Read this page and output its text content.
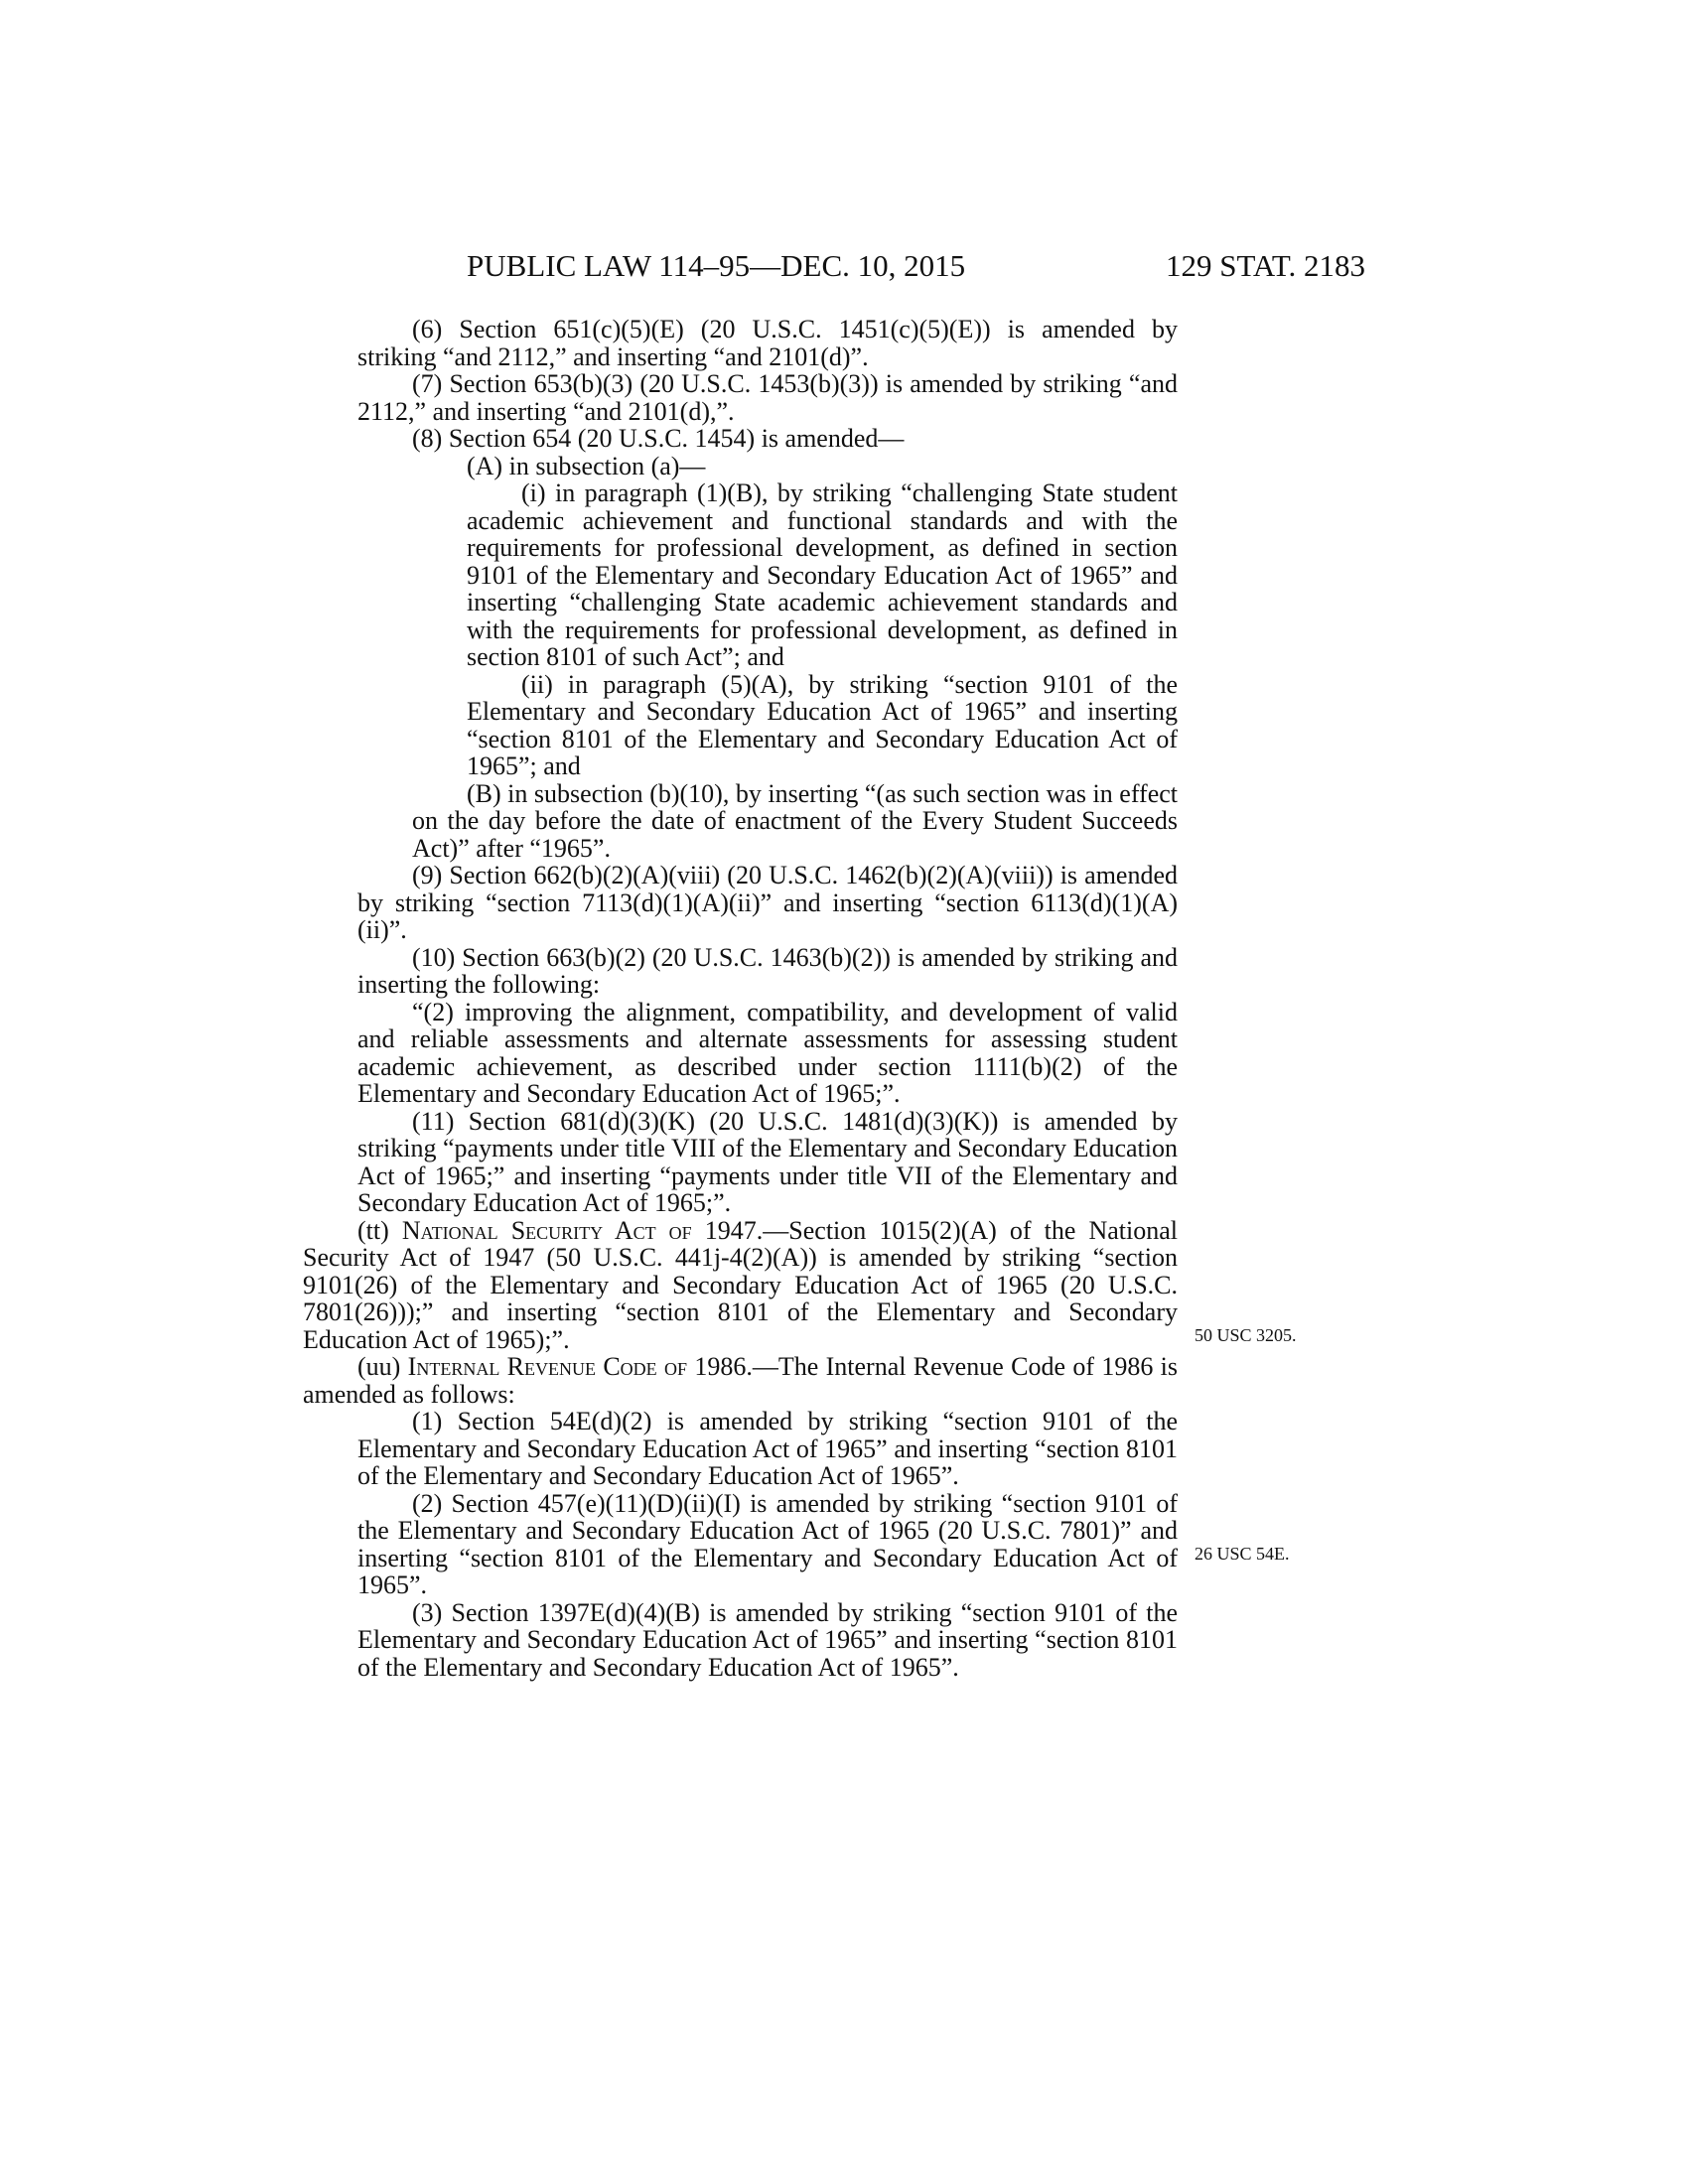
PUBLIC LAW 114–95—DEC. 10, 2015	129 STAT. 2183

(6) Section 651(c)(5)(E) (20 U.S.C. 1451(c)(5)(E)) is amended by striking “and 2112,” and inserting “and 2101(d)”.

(7) Section 653(b)(3) (20 U.S.C. 1453(b)(3)) is amended by striking “and 2112,” and inserting “and 2101(d),”.

(8) Section 654 (20 U.S.C. 1454) is amended—

(A) in subsection (a)—

(i) in paragraph (1)(B), by striking “challenging State student academic achievement and functional standards and with the requirements for professional development, as defined in section 9101 of the Elementary and Secondary Education Act of 1965” and inserting “challenging State academic achievement standards and with the requirements for professional development, as defined in section 8101 of such Act”; and

(ii) in paragraph (5)(A), by striking “section 9101 of the Elementary and Secondary Education Act of 1965” and inserting “section 8101 of the Elementary and Secondary Education Act of 1965”; and

(B) in subsection (b)(10), by inserting “(as such section was in effect on the day before the date of enactment of the Every Student Succeeds Act)” after “1965”.

(9) Section 662(b)(2)(A)(viii) (20 U.S.C. 1462(b)(2)(A)(viii)) is amended by striking “section 7113(d)(1)(A)(ii)” and inserting “section 6113(d)(1)(A)(ii)”.

(10) Section 663(b)(2) (20 U.S.C. 1463(b)(2)) is amended by striking and inserting the following:

“(2) improving the alignment, compatibility, and development of valid and reliable assessments and alternate assessments for assessing student academic achievement, as described under section 1111(b)(2) of the Elementary and Secondary Education Act of 1965;”.

(11) Section 681(d)(3)(K) (20 U.S.C. 1481(d)(3)(K)) is amended by striking “payments under title VIII of the Elementary and Secondary Education Act of 1965;” and inserting “payments under title VII of the Elementary and Secondary Education Act of 1965;”.

(tt) National Security Act of 1947.—Section 1015(2)(A) of the National Security Act of 1947 (50 U.S.C. 441j-4(2)(A)) is amended by striking “section 9101(26) of the Elementary and Secondary Education Act of 1965 (20 U.S.C. 7801(26)));” and inserting “section 8101 of the Elementary and Secondary Education Act of 1965);”.

(uu) Internal Revenue Code of 1986.—The Internal Revenue Code of 1986 is amended as follows:

(1) Section 54E(d)(2) is amended by striking “section 9101 of the Elementary and Secondary Education Act of 1965” and inserting “section 8101 of the Elementary and Secondary Education Act of 1965”.

(2) Section 457(e)(11)(D)(ii)(I) is amended by striking “section 9101 of the Elementary and Secondary Education Act of 1965 (20 U.S.C. 7801)” and inserting “section 8101 of the Elementary and Secondary Education Act of 1965”.

(3) Section 1397E(d)(4)(B) is amended by striking “section 9101 of the Elementary and Secondary Education Act of 1965” and inserting “section 8101 of the Elementary and Secondary Education Act of 1965”.

50 USC 3205.
26 USC 54E.
